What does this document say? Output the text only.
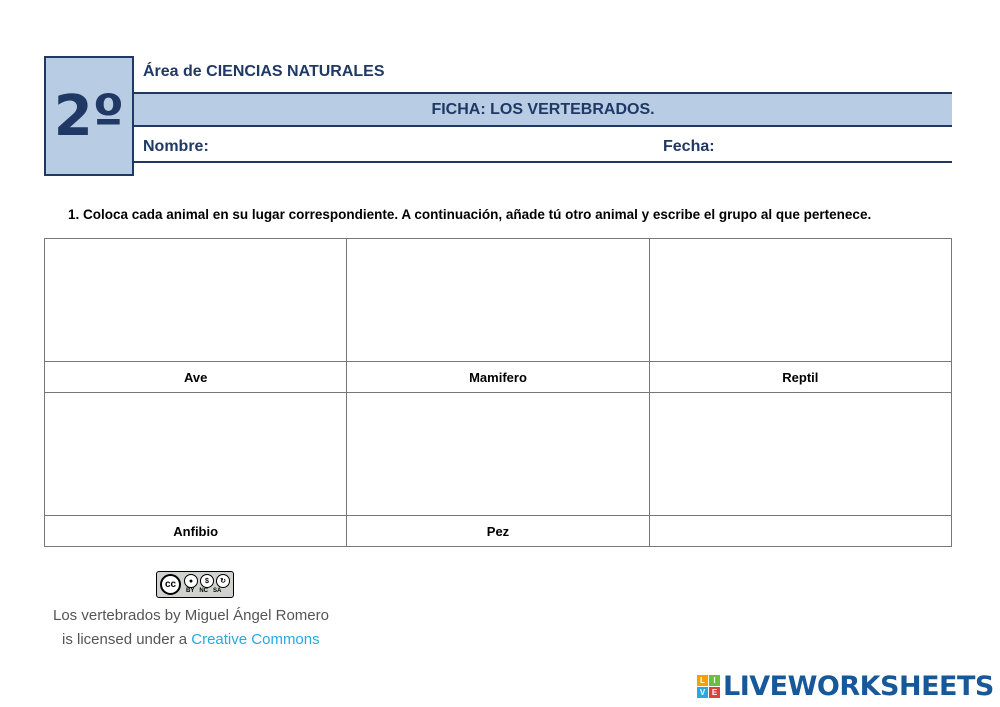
2º
Área de CIENCIAS NATURALES
FICHA: LOS VERTEBRADOS.
Nombre:	Fecha:
1. Coloca cada animal en su lugar correspondiente. A continuación, añade tú otro animal y escribe el grupo al que pertenece.

Ave	Mamifero	Reptil

Anfibio	Pez	
cc	●	$	↻
BY NC SA
Los vertebrados by Miguel Ángel Romero
is licensed under a Creative Commons
L	I
V E LIVEWORKSHEETS
